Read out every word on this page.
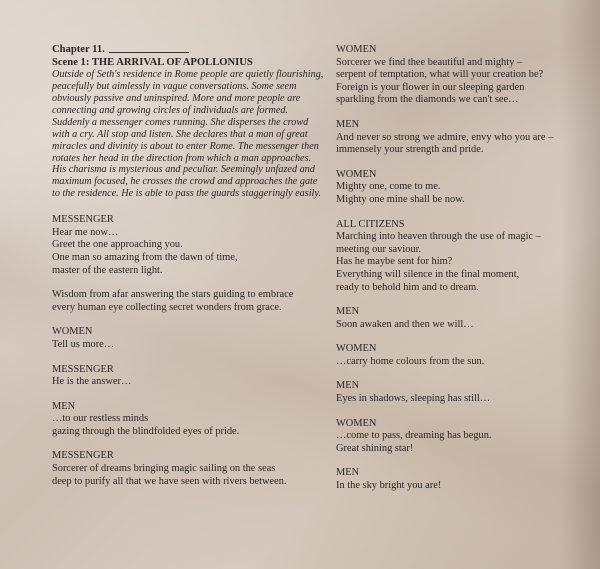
Chapter 11.
Scene 1: THE ARRIVAL OF APOLLONIUS

Outside of Seth's residence in Rome people are quietly flourishing, peacefully but aimlessly in vague conversations. Some seem obviously passive and uninspired. More and more people are connecting and growing circles of individuals are formed. Suddenly a messenger comes running. She disperses the crowd with a cry. All stop and listen. She declares that a man of great miracles and divinity is about to enter Rome. The messenger then rotates her head in the direction from which a man approaches. His charisma is mysterious and peculiar. Seemingly unfazed and maximum focused, he crosses the crowd and approaches the gate to the residence. He is able to pass the guards staggeringly easily.

MESSENGER
Hear me now…
Greet the one approaching you.
One man so amazing from the dawn of time,
master of the eastern light.
Wisdom from afar answering the stars guiding to embrace
every human eye collecting secret wonders from grace.
WOMEN
Tell us more…
MESSENGER
He is the answer…
MEN
…to our restless minds
gazing through the blindfolded eyes of pride.
MESSENGER
Sorcerer of dreams bringing magic sailing on the seas
deep to purify all that we have seen with rivers between.
WOMEN
Sorcerer we find thee beautiful and mighty –
serpent of temptation, what will your creation be?
Foreign is your flower in our sleeping garden
sparkling from the diamonds we can't see…
MEN
And never so strong we admire, envy who you are –
immensely your strength and pride.
WOMEN
Mighty one, come to me.
Mighty one mine shall be now.
ALL CITIZENS
Marching into heaven through the use of magic –
meeting our saviour.
Has he maybe sent for him?
Everything will silence in the final moment,
ready to behold him and to dream.
MEN
Soon awaken and then we will…
WOMEN
…carry home colours from the sun.
MEN
Eyes in shadows, sleeping has still…
WOMEN
…come to pass, dreaming has begun.
Great shining star!
MEN
In the sky bright you are!
